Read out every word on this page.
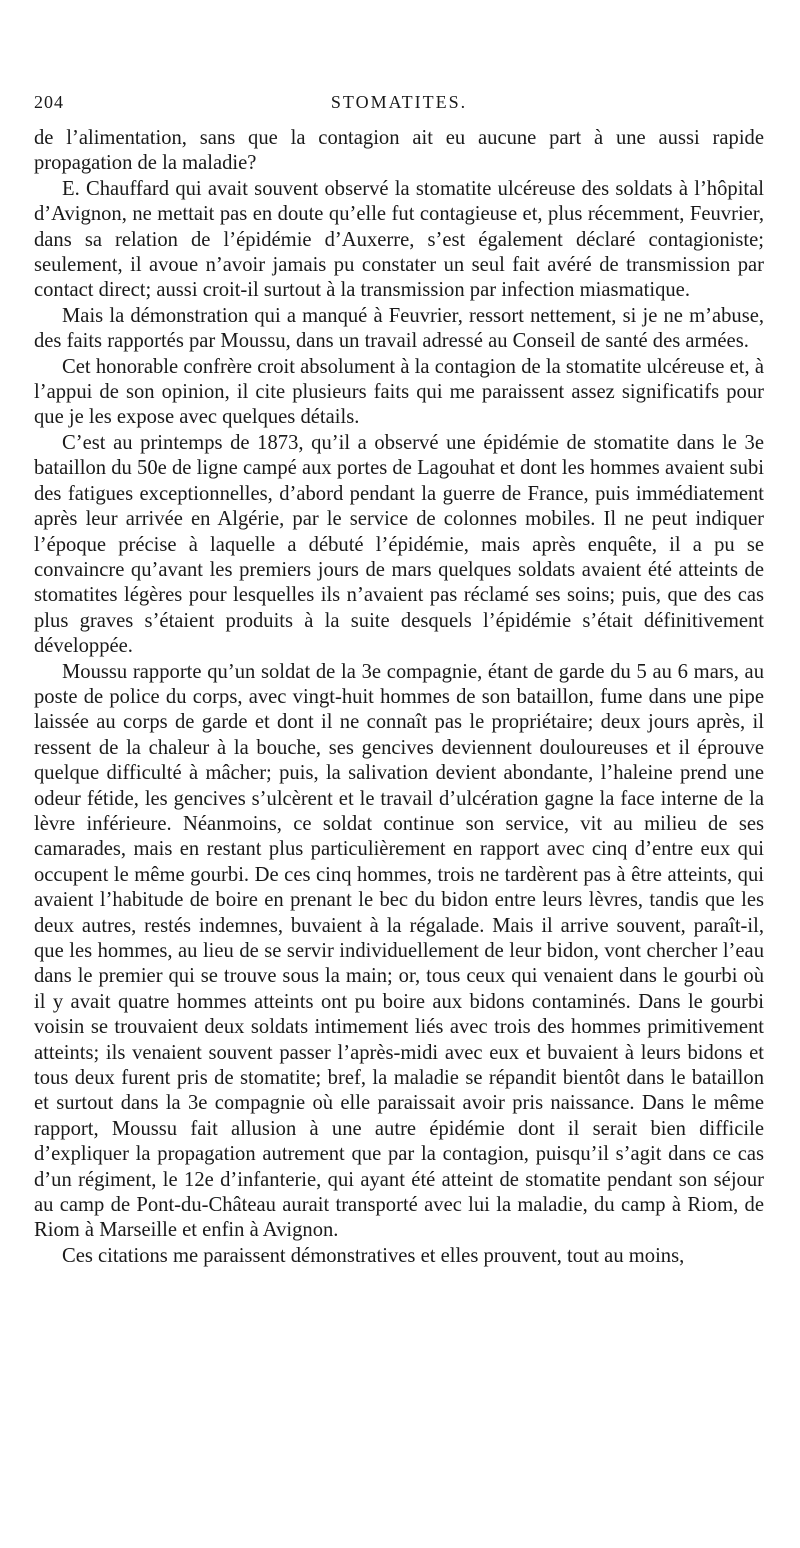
204	STOMATITES.

de l’alimentation, sans que la contagion ait eu aucune part à une aussi rapide propagation de la maladie?

E. Chauffard qui avait souvent observé la stomatite ulcéreuse des soldats à l’hôpital d’Avignon, ne mettait pas en doute qu’elle fut contagieuse et, plus récemment, Feuvrier, dans sa relation de l’épidémie d’Auxerre, s’est également déclaré contagioniste; seulement, il avoue n’avoir jamais pu constater un seul fait avéré de transmission par contact direct; aussi croit-il surtout à la transmission par infection miasmatique.

Mais la démonstration qui a manqué à Feuvrier, ressort nettement, si je ne m’abuse, des faits rapportés par Moussu, dans un travail adressé au Conseil de santé des armées.

Cet honorable confrère croit absolument à la contagion de la stomatite ulcéreuse et, à l’appui de son opinion, il cite plusieurs faits qui me paraissent assez significatifs pour que je les expose avec quelques détails.

C’est au printemps de 1873, qu’il a observé une épidémie de stomatite dans le 3e bataillon du 50e de ligne campé aux portes de Lagouhat et dont les hommes avaient subi des fatigues exceptionnelles, d’abord pendant la guerre de France, puis immédiatement après leur arrivée en Algérie, par le service de colonnes mobiles. Il ne peut indiquer l’époque précise à laquelle a débuté l’épidémie, mais après enquête, il a pu se convaincre qu’avant les premiers jours de mars quelques soldats avaient été atteints de stomatites légères pour lesquelles ils n’avaient pas réclamé ses soins; puis, que des cas plus graves s’étaient produits à la suite desquels l’épidémie s’était définitivement développée.

Moussu rapporte qu’un soldat de la 3e compagnie, étant de garde du 5 au 6 mars, au poste de police du corps, avec vingt-huit hommes de son bataillon, fume dans une pipe laissée au corps de garde et dont il ne connaît pas le propriétaire; deux jours après, il ressent de la chaleur à la bouche, ses gencives deviennent douloureuses et il éprouve quelque difficulté à mâcher; puis, la salivation devient abondante, l’haleine prend une odeur fétide, les gencives s’ulcèrent et le travail d’ulcération gagne la face interne de la lèvre inférieure. Néanmoins, ce soldat continue son service, vit au milieu de ses camarades, mais en restant plus particulièrement en rapport avec cinq d’entre eux qui occupent le même gourbi. De ces cinq hommes, trois ne tardèrent pas à être atteints, qui avaient l’habitude de boire en prenant le bec du bidon entre leurs lèvres, tandis que les deux autres, restés indemnes, buvaient à la régalade. Mais il arrive souvent, paraît-il, que les hommes, au lieu de se servir individuellement de leur bidon, vont chercher l’eau dans le premier qui se trouve sous la main; or, tous ceux qui venaient dans le gourbi où il y avait quatre hommes atteints ont pu boire aux bidons contaminés. Dans le gourbi voisin se trouvaient deux soldats intimement liés avec trois des hommes primitivement atteints; ils venaient souvent passer l’après-midi avec eux et buvaient à leurs bidons et tous deux furent pris de stomatite; bref, la maladie se répandit bientôt dans le bataillon et surtout dans la 3e compagnie où elle paraissait avoir pris naissance. Dans le même rapport, Moussu fait allusion à une autre épidémie dont il serait bien difficile d’expliquer la propagation autrement que par la contagion, puisqu’il s’agit dans ce cas d’un régiment, le 12e d’infanterie, qui ayant été atteint de stomatite pendant son séjour au camp de Pont-du-Château aurait transporté avec lui la maladie, du camp à Riom, de Riom à Marseille et enfin à Avignon.

Ces citations me paraissent démonstratives et elles prouvent, tout au moins,
